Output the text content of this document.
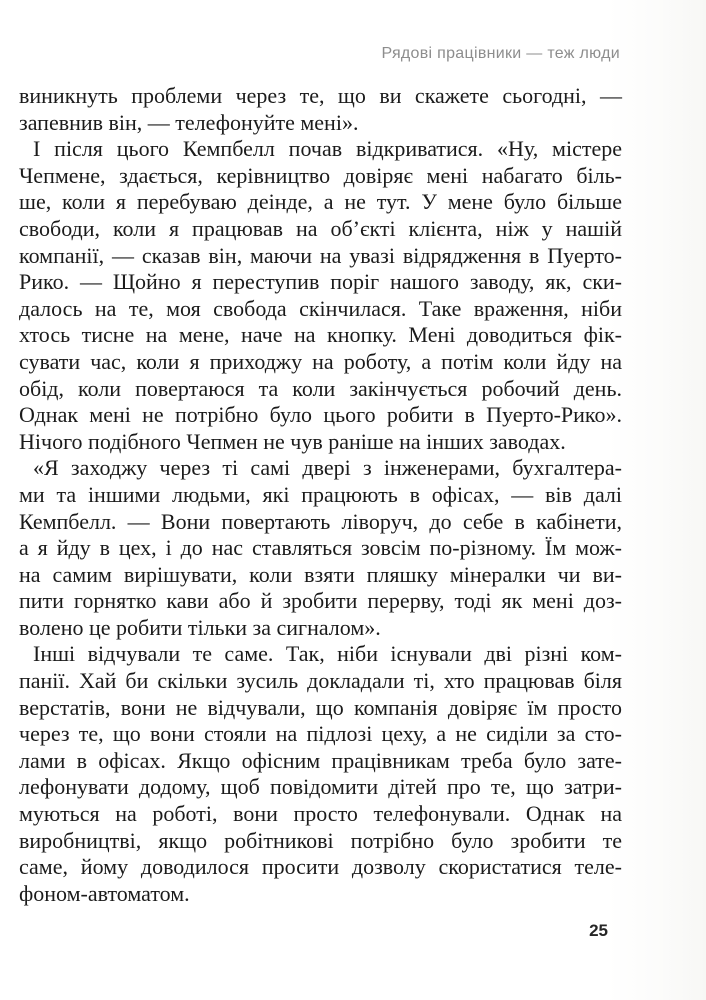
Рядові працівники — теж люди
виникнуть проблеми через те, що ви скажете сьогодні, —
запевнив він, — телефонуйте мені».
І після цього Кемпбелл почав відкриватися. «Ну, містере
Чепмене, здається, керівництво довіряє мені набагато біль-
ше, коли я перебуваю деінде, а не тут. У мене було більше
свободи, коли я працював на об’єкті клієнта, ніж у нашій
компанії, — сказав він, маючи на увазі відрядження в Пуерто-
Рико. — Щойно я переступив поріг нашого заводу, як, ски-
далось на те, моя свобода скінчилася. Таке враження, ніби
хтось тисне на мене, наче на кнопку. Мені доводиться фік-
сувати час, коли я приходжу на роботу, а потім коли йду на
обід, коли повертаюся та коли закінчується робочий день.
Однак мені не потрібно було цього робити в Пуерто-Рико».
Нічого подібного Чепмен не чув раніше на інших заводах.
«Я заходжу через ті самі двері з інженерами, бухгалтера-
ми та іншими людьми, які працюють в офісах, — вів далі
Кемпбелл. — Вони повертають ліворуч, до себе в кабінети,
а я йду в цех, і до нас ставляться зовсім по-різному. Їм мож-
на самим вирішувати, коли взяти пляшку мінералки чи ви-
пити горнятко кави або й зробити перерву, тоді як мені доз-
волено це робити тільки за сигналом».
Інші відчували те саме. Так, ніби існували дві різні ком-
панії. Хай би скільки зусиль докладали ті, хто працював біля
верстатів, вони не відчували, що компанія довіряє їм просто
через те, що вони стояли на підлозі цеху, а не сиділи за сто-
лами в офісах. Якщо офісним працівникам треба було зате-
лефонувати додому, щоб повідомити дітей про те, що затри-
муються на роботі, вони просто телефонували. Однак на
виробництві, якщо робітникові потрібно було зробити те
саме, йому доводилося просити дозволу скористатися теле-
фоном-автоматом.
25
